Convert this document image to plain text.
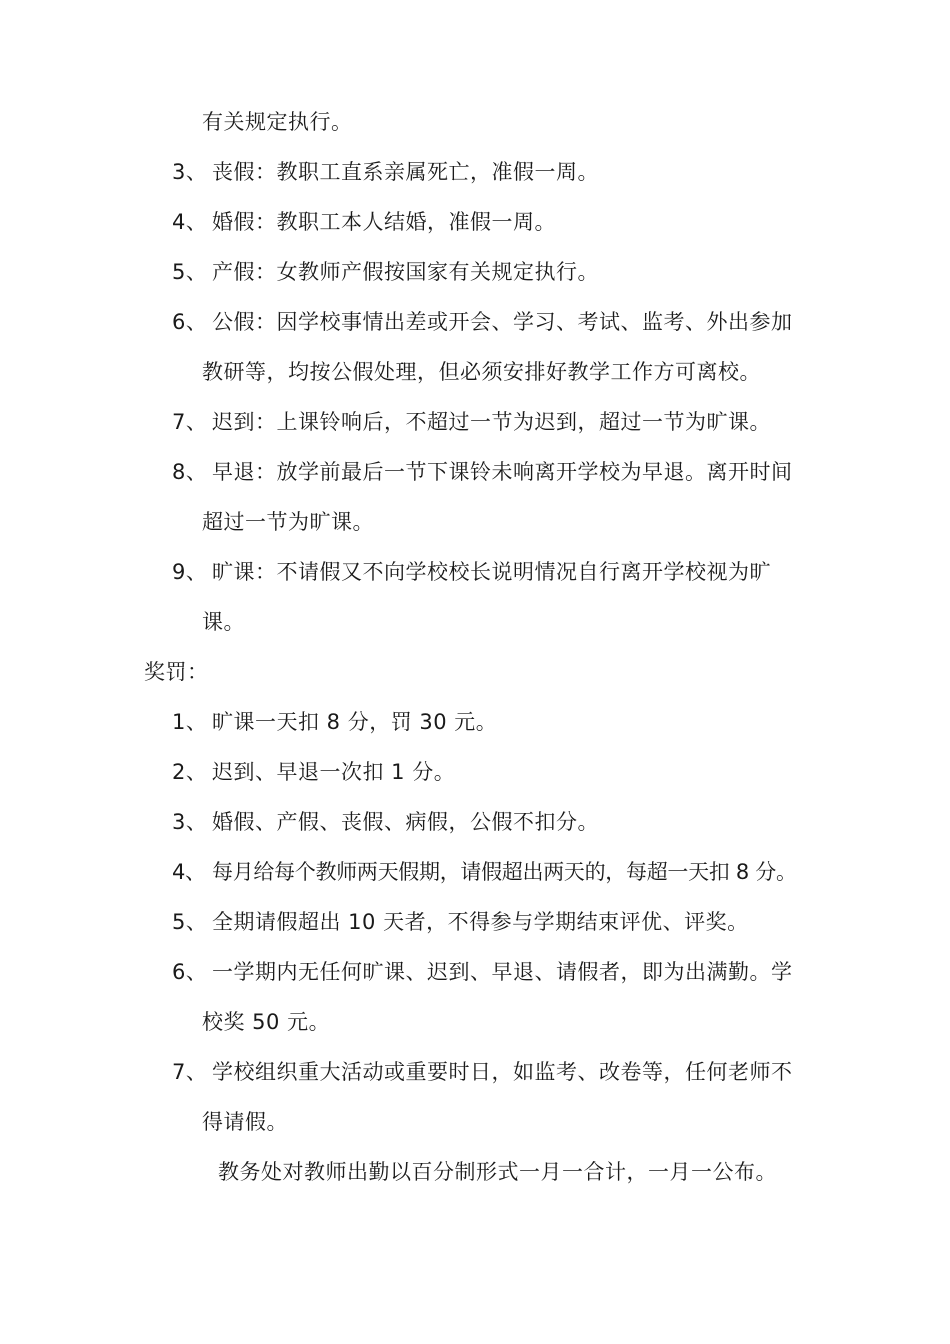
有关规定执行。
3、 丧假：教职工直系亲属死亡，准假一周。
4、 婚假：教职工本人结婚，准假一周。
5、 产假：女教师产假按国家有关规定执行。
6、 公假：因学校事情出差或开会、学习、考试、监考、外出参加
教研等，均按公假处理，但必须安排好教学工作方可离校。
7、 迟到：上课铃响后，不超过一节为迟到，超过一节为旷课。
8、 早退：放学前最后一节下课铃未响离开学校为早退。离开时间
超过一节为旷课。
9、 旷课：不请假又不向学校校长说明情况自行离开学校视为旷
课。
奖罚：
1、 旷课一天扣 8 分，罚 30 元。
2、 迟到、早退一次扣 1 分。
3、 婚假、产假、丧假、病假，公假不扣分。
4、 每月给每个教师两天假期，请假超出两天的，每超一天扣 8 分。
5、 全期请假超出 10 天者，不得参与学期结束评优、评奖。
6、 一学期内无任何旷课、迟到、早退、请假者，即为出满勤。学
校奖 50 元。
7、 学校组织重大活动或重要时日，如监考、改卷等，任何老师不
得请假。
教务处对教师出勤以百分制形式一月一合计，一月一公布。
